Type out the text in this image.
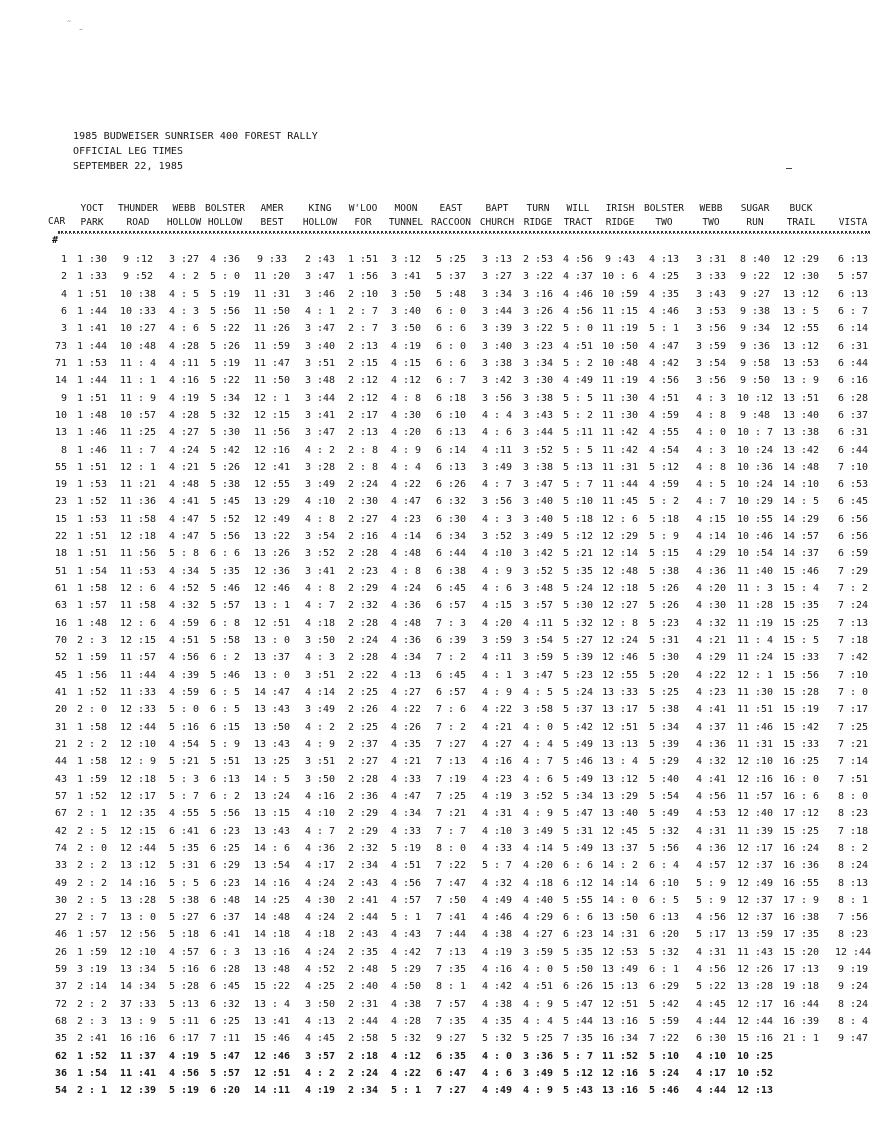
˜ ˍ
1985 BUDWEISER SUNRISER 400 FOREST RALLY
OFFICIAL LEG TIMES
SEPTEMBER 22, 1985
CAR
YOCT
PARK
THUNDER
ROAD
WEBB
HOLLOW
BOLSTER
HOLLOW
AMER
BEST
KING
HOLLOW
W'LOO
FOR
MOON
TUNNEL
EAST
RACCOON
BAPT
CHURCH
TURN
RIDGE
WILL
TRACT
IRISH
RIDGE
BOLSTER
TWO
WEBB
TWO
SUGAR
RUN
BUCK
TRAIL
VISTA
#
1 1 :30 9 :12 3 :27 4 :36 9 :33 2 :43 1 :51 3 :12 5 :25 3 :13 2 :53 4 :56 9 :43 4 :13 3 :31 8 :40 12 :29 6 :13
2 1 :33 9 :52 4 : 2 5 : 0 11 :20 3 :47 1 :56 3 :41 5 :37 3 :27 3 :22 4 :37 10 : 6 4 :25 3 :33 9 :22 12 :30 5 :57
4 1 :51 10 :38 4 : 5 5 :19 11 :31 3 :46 2 :10 3 :50 5 :48 3 :34 3 :16 4 :46 10 :59 4 :35 3 :43 9 :27 13 :12 6 :13
6 1 :44 10 :33 4 : 3 5 :56 11 :50 4 : 1 2 : 7 3 :40 6 : 0 3 :44 3 :26 4 :56 11 :15 4 :46 3 :53 9 :38 13 : 5 6 : 7
3 1 :41 10 :27 4 : 6 5 :22 11 :26 3 :47 2 : 7 3 :50 6 : 6 3 :39 3 :22 5 : 0 11 :19 5 : 1 3 :56 9 :34 12 :55 6 :14
73 1 :44 10 :48 4 :28 5 :26 11 :59 3 :40 2 :13 4 :19 6 : 0 3 :40 3 :23 4 :51 10 :50 4 :47 3 :59 9 :36 13 :12 6 :31
71 1 :53 11 : 4 4 :11 5 :19 11 :47 3 :51 2 :15 4 :15 6 : 6 3 :38 3 :34 5 : 2 10 :48 4 :42 3 :54 9 :58 13 :53 6 :44
14 1 :44 11 : 1 4 :16 5 :22 11 :50 3 :48 2 :12 4 :12 6 : 7 3 :42 3 :30 4 :49 11 :19 4 :56 3 :56 9 :50 13 : 9 6 :16
9 1 :51 11 : 9 4 :19 5 :34 12 : 1 3 :44 2 :12 4 : 8 6 :18 3 :56 3 :38 5 : 5 11 :30 4 :51 4 : 3 10 :12 13 :51 6 :28
10 1 :48 10 :57 4 :28 5 :32 12 :15 3 :41 2 :17 4 :30 6 :10 4 : 4 3 :43 5 : 2 11 :30 4 :59 4 : 8 9 :48 13 :40 6 :37
13 1 :46 11 :25 4 :27 5 :30 11 :56 3 :47 2 :13 4 :20 6 :13 4 : 6 3 :44 5 :11 11 :42 4 :55 4 : 0 10 : 7 13 :38 6 :31
8 1 :46 11 : 7 4 :24 5 :42 12 :16 4 : 2 2 : 8 4 : 9 6 :14 4 :11 3 :52 5 : 5 11 :42 4 :54 4 : 3 10 :24 13 :42 6 :44
55 1 :51 12 : 1 4 :21 5 :26 12 :41 3 :28 2 : 8 4 : 4 6 :13 3 :49 3 :38 5 :13 11 :31 5 :12 4 : 8 10 :36 14 :48 7 :10
19 1 :53 11 :21 4 :48 5 :38 12 :55 3 :49 2 :24 4 :22 6 :26 4 : 7 3 :47 5 : 7 11 :44 4 :59 4 : 5 10 :24 14 :10 6 :53
23 1 :52 11 :36 4 :41 5 :45 13 :29 4 :10 2 :30 4 :47 6 :32 3 :56 3 :40 5 :10 11 :45 5 : 2 4 : 7 10 :29 14 : 5 6 :45
15 1 :53 11 :58 4 :47 5 :52 12 :49 4 : 8 2 :27 4 :23 6 :30 4 : 3 3 :40 5 :18 12 : 6 5 :18 4 :15 10 :55 14 :29 6 :56
22 1 :51 12 :18 4 :47 5 :56 13 :22 3 :54 2 :16 4 :14 6 :34 3 :52 3 :49 5 :12 12 :29 5 : 9 4 :14 10 :46 14 :57 6 :56
18 1 :51 11 :56 5 : 8 6 : 6 13 :26 3 :52 2 :28 4 :48 6 :44 4 :10 3 :42 5 :21 12 :14 5 :15 4 :29 10 :54 14 :37 6 :59
51 1 :54 11 :53 4 :34 5 :35 12 :36 3 :41 2 :23 4 : 8 6 :38 4 : 9 3 :52 5 :35 12 :48 5 :38 4 :36 11 :40 15 :46 7 :29
61 1 :58 12 : 6 4 :52 5 :46 12 :46 4 : 8 2 :29 4 :24 6 :45 4 : 6 3 :48 5 :24 12 :18 5 :26 4 :20 11 : 3 15 : 4 7 : 2
63 1 :57 11 :58 4 :32 5 :57 13 : 1 4 : 7 2 :32 4 :36 6 :57 4 :15 3 :57 5 :30 12 :27 5 :26 4 :30 11 :28 15 :35 7 :24
16 1 :48 12 : 6 4 :59 6 : 8 12 :51 4 :18 2 :28 4 :48 7 : 3 4 :20 4 :11 5 :32 12 : 8 5 :23 4 :32 11 :19 15 :25 7 :13
70 2 : 3 12 :15 4 :51 5 :58 13 : 0 3 :50 2 :24 4 :36 6 :39 3 :59 3 :54 5 :27 12 :24 5 :31 4 :21 11 : 4 15 : 5 7 :18
52 1 :59 11 :57 4 :56 6 : 2 13 :37 4 : 3 2 :28 4 :34 7 : 2 4 :11 3 :59 5 :39 12 :46 5 :30 4 :29 11 :24 15 :33 7 :42
45 1 :56 11 :44 4 :39 5 :46 13 : 0 3 :51 2 :22 4 :13 6 :45 4 : 1 3 :47 5 :23 12 :55 5 :20 4 :22 12 : 1 15 :56 7 :10
41 1 :52 11 :33 4 :59 6 : 5 14 :47 4 :14 2 :25 4 :27 6 :57 4 : 9 4 : 5 5 :24 13 :33 5 :25 4 :23 11 :30 15 :28 7 : 0
20 2 : 0 12 :33 5 : 0 6 : 5 13 :43 3 :49 2 :26 4 :22 7 : 6 4 :22 3 :58 5 :37 13 :17 5 :38 4 :41 11 :51 15 :19 7 :17
31 1 :58 12 :44 5 :16 6 :15 13 :50 4 : 2 2 :25 4 :26 7 : 2 4 :21 4 : 0 5 :42 12 :51 5 :34 4 :37 11 :46 15 :42 7 :25
21 2 : 2 12 :10 4 :54 5 : 9 13 :43 4 : 9 2 :37 4 :35 7 :27 4 :27 4 : 4 5 :49 13 :13 5 :39 4 :36 11 :31 15 :33 7 :21
44 1 :58 12 : 9 5 :21 5 :51 13 :25 3 :51 2 :27 4 :21 7 :13 4 :16 4 : 7 5 :46 13 : 4 5 :29 4 :32 12 :10 16 :25 7 :14
43 1 :59 12 :18 5 : 3 6 :13 14 : 5 3 :50 2 :28 4 :33 7 :19 4 :23 4 : 6 5 :49 13 :12 5 :40 4 :41 12 :16 16 : 0 7 :51
57 1 :52 12 :17 5 : 7 6 : 2 13 :24 4 :16 2 :36 4 :47 7 :25 4 :19 3 :52 5 :34 13 :29 5 :54 4 :56 11 :57 16 : 6 8 : 0
67 2 : 1 12 :35 4 :55 5 :56 13 :15 4 :10 2 :29 4 :34 7 :21 4 :31 4 : 9 5 :47 13 :40 5 :49 4 :53 12 :40 17 :12 8 :23
42 2 : 5 12 :15 6 :41 6 :23 13 :43 4 : 7 2 :29 4 :33 7 : 7 4 :10 3 :49 5 :31 12 :45 5 :32 4 :31 11 :39 15 :25 7 :18
74 2 : 0 12 :44 5 :35 6 :25 14 : 6 4 :36 2 :32 5 :19 8 : 0 4 :33 4 :14 5 :49 13 :37 5 :56 4 :36 12 :17 16 :24 8 : 2
33 2 : 2 13 :12 5 :31 6 :29 13 :54 4 :17 2 :34 4 :51 7 :22 5 : 7 4 :20 6 : 6 14 : 2 6 : 4 4 :57 12 :37 16 :36 8 :24
49 2 : 2 14 :16 5 : 5 6 :23 14 :16 4 :24 2 :43 4 :56 7 :47 4 :32 4 :18 6 :12 14 :14 6 :10 5 : 9 12 :49 16 :55 8 :13
30 2 : 5 13 :28 5 :38 6 :48 14 :25 4 :30 2 :41 4 :57 7 :50 4 :49 4 :40 5 :55 14 : 0 6 : 5 5 : 9 12 :37 17 : 9 8 : 1
27 2 : 7 13 : 0 5 :27 6 :37 14 :48 4 :24 2 :44 5 : 1 7 :41 4 :46 4 :29 6 : 6 13 :50 6 :13 4 :56 12 :37 16 :38 7 :56
46 1 :57 12 :56 5 :18 6 :41 14 :18 4 :18 2 :43 4 :43 7 :44 4 :38 4 :27 6 :23 14 :31 6 :20 5 :17 13 :59 17 :35 8 :23
26 1 :59 12 :10 4 :57 6 : 3 13 :16 4 :24 2 :35 4 :42 7 :13 4 :19 3 :59 5 :35 12 :53 5 :32 4 :31 11 :43 15 :20 12 :44
59 3 :19 13 :34 5 :16 6 :28 13 :48 4 :52 2 :48 5 :29 7 :35 4 :16 4 : 0 5 :50 13 :49 6 : 1 4 :56 12 :26 17 :13 9 :19
37 2 :14 14 :34 5 :28 6 :45 15 :22 4 :25 2 :40 4 :50 8 : 1 4 :42 4 :51 6 :26 15 :13 6 :29 5 :22 13 :28 19 :18 9 :24
72 2 : 2 37 :33 5 :13 6 :32 13 : 4 3 :50 2 :31 4 :38 7 :57 4 :38 4 : 9 5 :47 12 :51 5 :42 4 :45 12 :17 16 :44 8 :24
68 2 : 3 13 : 9 5 :11 6 :25 13 :41 4 :13 2 :44 4 :28 7 :35 4 :35 4 : 4 5 :44 13 :16 5 :59 4 :44 12 :44 16 :39 8 : 4
35 2 :41 16 :16 6 :17 7 :11 15 :46 4 :45 2 :58 5 :32 9 :27 5 :32 5 :25 7 :35 16 :34 7 :22 6 :30 15 :16 21 : 1 9 :47
62 1 :52 11 :37 4 :19 5 :47 12 :46 3 :57 2 :18 4 :12 6 :35 4 : 0 3 :36 5 : 7 11 :52 5 :10 4 :10 10 :25
36 1 :54 11 :41 4 :56 5 :57 12 :51 4 : 2 2 :24 4 :22 6 :47 4 : 6 3 :49 5 :12 12 :16 5 :24 4 :17 10 :52
54 2 : 1 12 :39 5 :19 6 :20 14 :11 4 :19 2 :34 5 : 1 7 :27 4 :49 4 : 9 5 :43 13 :16 5 :46 4 :44 12 :13
